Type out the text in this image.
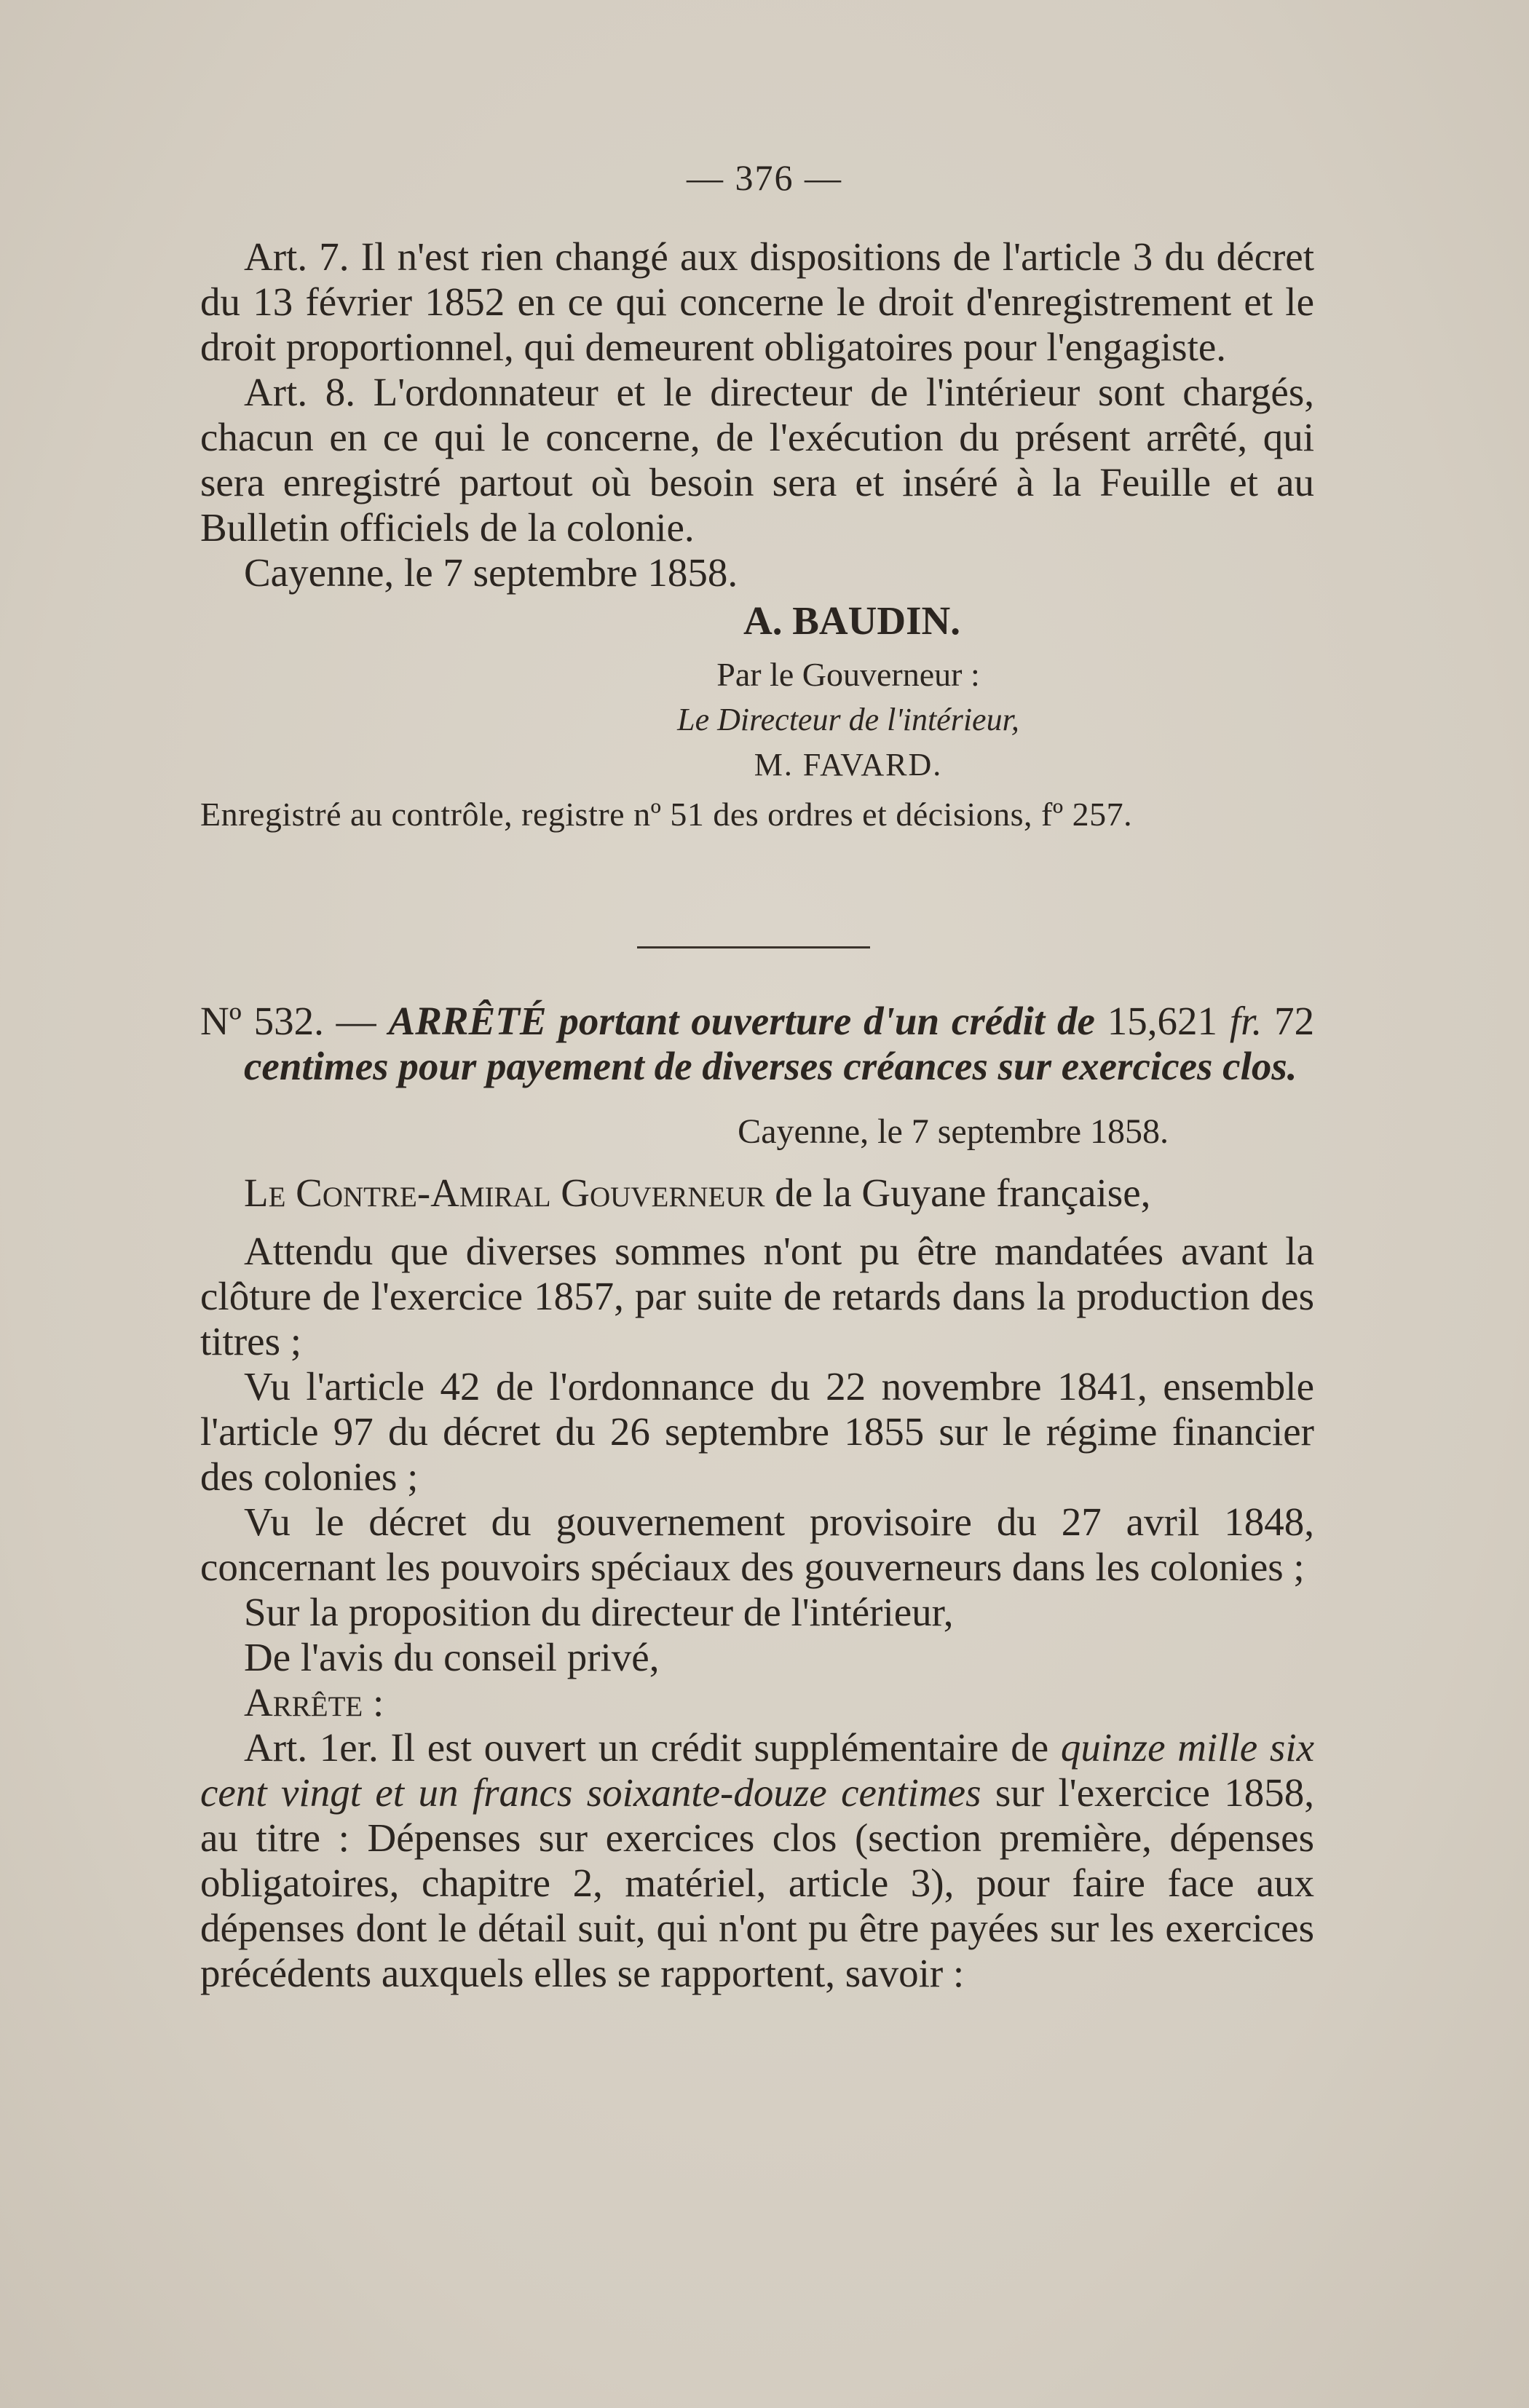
— 376 —

Art. 7. Il n'est rien changé aux dispositions de l'article 3 du décret du 13 février 1852 en ce qui concerne le droit d'enregistrement et le droit proportionnel, qui demeurent obligatoires pour l'engagiste.

Art. 8. L'ordonnateur et le directeur de l'intérieur sont chargés, chacun en ce qui le concerne, de l'exécution du présent arrêté, qui sera enregistré partout où besoin sera et inséré à la Feuille et au Bulletin officiels de la colonie.

Cayenne, le 7 septembre 1858.

A. BAUDIN.

Par le Gouverneur :

Le Directeur de l'intérieur,

M. FAVARD.

Enregistré au contrôle, registre nº 51 des ordres et décisions, fº 257.

Nº 532. — ARRÊTÉ portant ouverture d'un crédit de 15,621 fr. 72 centimes pour payement de diverses créances sur exercices clos.

Cayenne, le 7 septembre 1858.

Le Contre-Amiral Gouverneur de la Guyane française,

Attendu que diverses sommes n'ont pu être mandatées avant la clôture de l'exercice 1857, par suite de retards dans la production des titres ;

Vu l'article 42 de l'ordonnance du 22 novembre 1841, ensemble l'article 97 du décret du 26 septembre 1855 sur le régime financier des colonies ;

Vu le décret du gouvernement provisoire du 27 avril 1848, concernant les pouvoirs spéciaux des gouverneurs dans les colonies ;

Sur la proposition du directeur de l'intérieur,

De l'avis du conseil privé,

Arrête :

Art. 1er. Il est ouvert un crédit supplémentaire de quinze mille six cent vingt et un francs soixante-douze centimes sur l'exercice 1858, au titre : Dépenses sur exercices clos (section première, dépenses obligatoires, chapitre 2, matériel, article 3), pour faire face aux dépenses dont le détail suit, qui n'ont pu être payées sur les exercices précédents auxquels elles se rapportent, savoir :
